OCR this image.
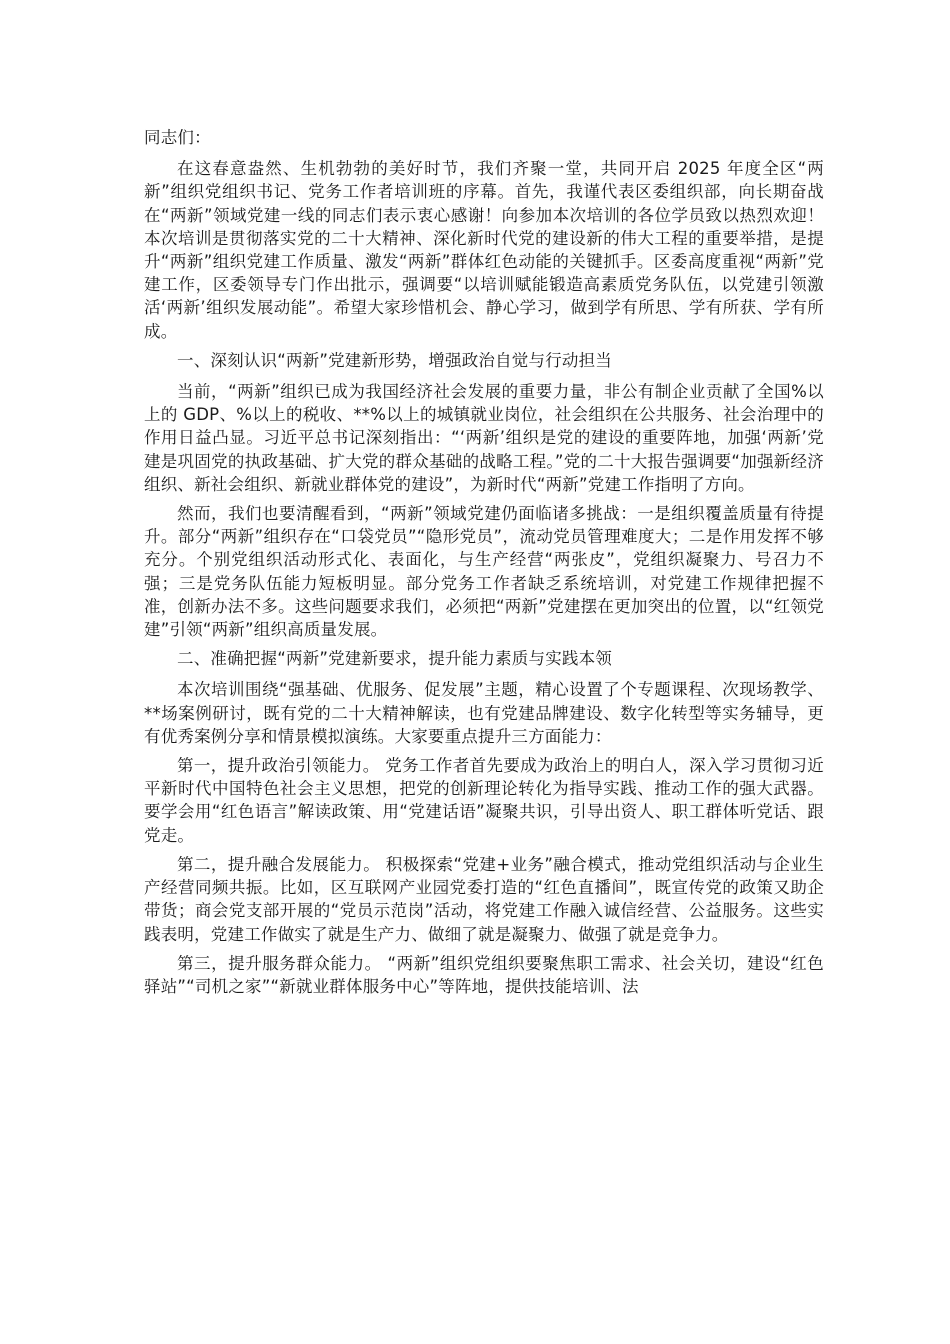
同志们：

在这春意盎然、生机勃勃的美好时节，我们齐聚一堂，共同开启 2025 年度全区“两新”组织党组织书记、党务工作者培训班的序幕。首先，我谨代表区委组织部，向长期奋战在“两新”领域党建一线的同志们表示衷心感谢！向参加本次培训的各位学员致以热烈欢迎！本次培训是贯彻落实党的二十大精神、深化新时代党的建设新的伟大工程的重要举措，是提升“两新”组织党建工作质量、激发“两新”群体红色动能的关键抓手。区委高度重视“两新”党建工作，区委领导专门作出批示，强调要“以培训赋能锻造高素质党务队伍，以党建引领激活‘两新’组织发展动能”。希望大家珍惜机会、静心学习，做到学有所思、学有所获、学有所成。

一、深刻认识“两新”党建新形势，增强政治自觉与行动担当

当前，“两新”组织已成为我国经济社会发展的重要力量，非公有制企业贡献了全国%以上的 GDP、%以上的税收、**%以上的城镇就业岗位，社会组织在公共服务、社会治理中的作用日益凸显。习近平总书记深刻指出：“‘两新’组织是党的建设的重要阵地，加强‘两新’党建是巩固党的执政基础、扩大党的群众基础的战略工程。”党的二十大报告强调要“加强新经济组织、新社会组织、新就业群体党的建设”，为新时代“两新”党建工作指明了方向。

然而，我们也要清醒看到，“两新”领域党建仍面临诸多挑战：一是组织覆盖质量有待提升。部分“两新”组织存在“口袋党员”“隐形党员”，流动党员管理难度大；二是作用发挥不够充分。个别党组织活动形式化、表面化，与生产经营“两张皮”，党组织凝聚力、号召力不强；三是党务队伍能力短板明显。部分党务工作者缺乏系统培训，对党建工作规律把握不准，创新办法不多。这些问题要求我们，必须把“两新”党建摆在更加突出的位置，以“红领党建”引领“两新”组织高质量发展。

二、准确把握“两新”党建新要求，提升能力素质与实践本领

本次培训围绕“强基础、优服务、促发展”主题，精心设置了个专题课程、次现场教学、**场案例研讨，既有党的二十大精神解读，也有党建品牌建设、数字化转型等实务辅导，更有优秀案例分享和情景模拟演练。大家要重点提升三方面能力：

第一，提升政治引领能力。 党务工作者首先要成为政治上的明白人，深入学习贯彻习近平新时代中国特色社会主义思想，把党的创新理论转化为指导实践、推动工作的强大武器。要学会用“红色语言”解读政策、用“党建话语”凝聚共识，引导出资人、职工群体听党话、跟党走。

第二，提升融合发展能力。 积极探索“党建+业务”融合模式，推动党组织活动与企业生产经营同频共振。比如，区互联网产业园党委打造的“红色直播间”，既宣传党的政策又助企带货；商会党支部开展的“党员示范岗”活动，将党建工作融入诚信经营、公益服务。这些实践表明，党建工作做实了就是生产力、做细了就是凝聚力、做强了就是竞争力。

第三，提升服务群众能力。 “两新”组织党组织要聚焦职工需求、社会关切，建设“红色驿站”“司机之家”“新就业群体服务中心”等阵地，提供技能培训、法
